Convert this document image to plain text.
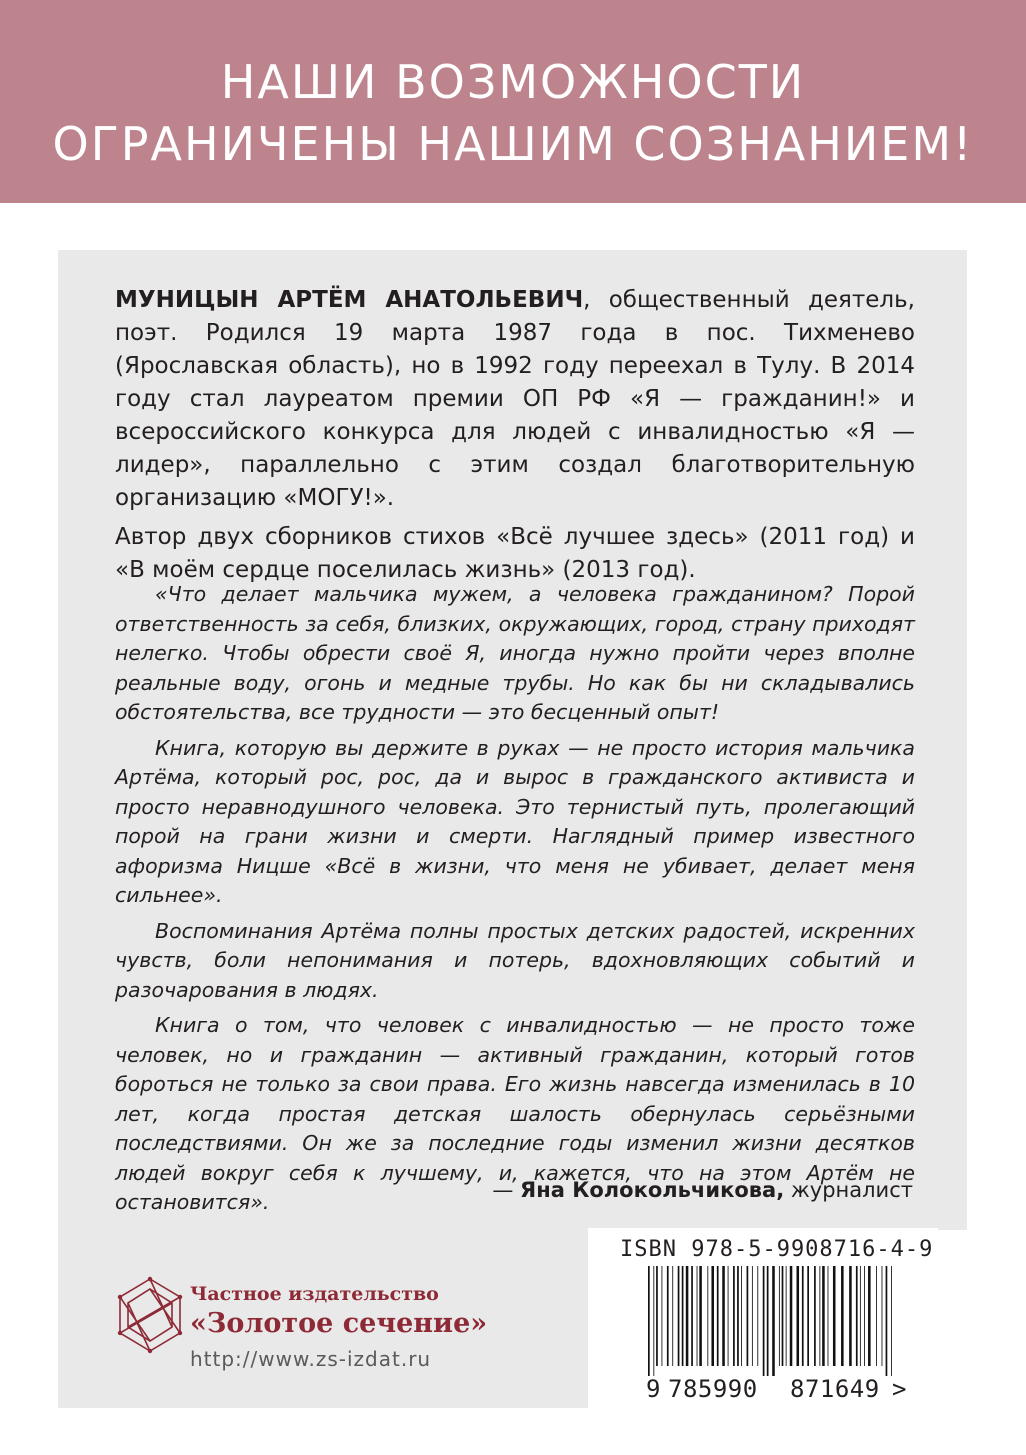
НАШИ ВОЗМОЖНОСТИ
ОГРАНИЧЕНЫ НАШИМ СОЗНАНИЕМ!

МУНИЦЫН АРТЁМ АНАТОЛЬЕВИЧ, общественный деятель, поэт. Родился 19 марта 1987 года в пос. Тихменево (Ярославская область), но в 1992 году переехал в Тулу. В 2014 году стал лауреатом премии ОП РФ «Я — гражданин!» и всероссийского конкурса для людей с инвалидностью «Я — лидер», параллельно с этим создал благотворительную организацию «МОГУ!».

Автор двух сборников стихов «Всё лучшее здесь» (2011 год) и «В моём сердце поселилась жизнь» (2013 год).

«Что делает мальчика мужем, а человека гражданином? Порой ответственность за себя, близких, окружающих, город, страну приходят нелегко. Чтобы обрести своё Я, иногда нужно пройти через вполне реальные воду, огонь и медные трубы. Но как бы ни складывались обстоятельства, все трудности — это бесценный опыт!

Книга, которую вы держите в руках — не просто история мальчика Артёма, который рос, рос, да и вырос в гражданского активиста и просто неравнодушного человека. Это тернистый путь, пролегающий порой на грани жизни и смерти. Наглядный пример известного афоризма Ницше «Всё в жизни, что меня не убивает, делает меня сильнее».

Воспоминания Артёма полны простых детских радостей, искренних чувств, боли непонимания и потерь, вдохновляющих событий и разочарования в людях.

Книга о том, что человек с инвалидностью — не просто тоже человек, но и гражданин — активный гражданин, который готов бороться не только за свои права. Его жизнь навсегда изменилась в 10 лет, когда простая детская шалость обернулась серьёзными последствиями. Он же за последние годы изменил жизни десятков людей вокруг себя к лучшему, и, кажется, что на этом Артём не остановится».	— Яна Колокольчикова, журналист
Частное издательство
«Золотое сечение»
http://www.zs-izdat.ru
ISBN 978-5-9908716-4-9
9 785990 871649 >
